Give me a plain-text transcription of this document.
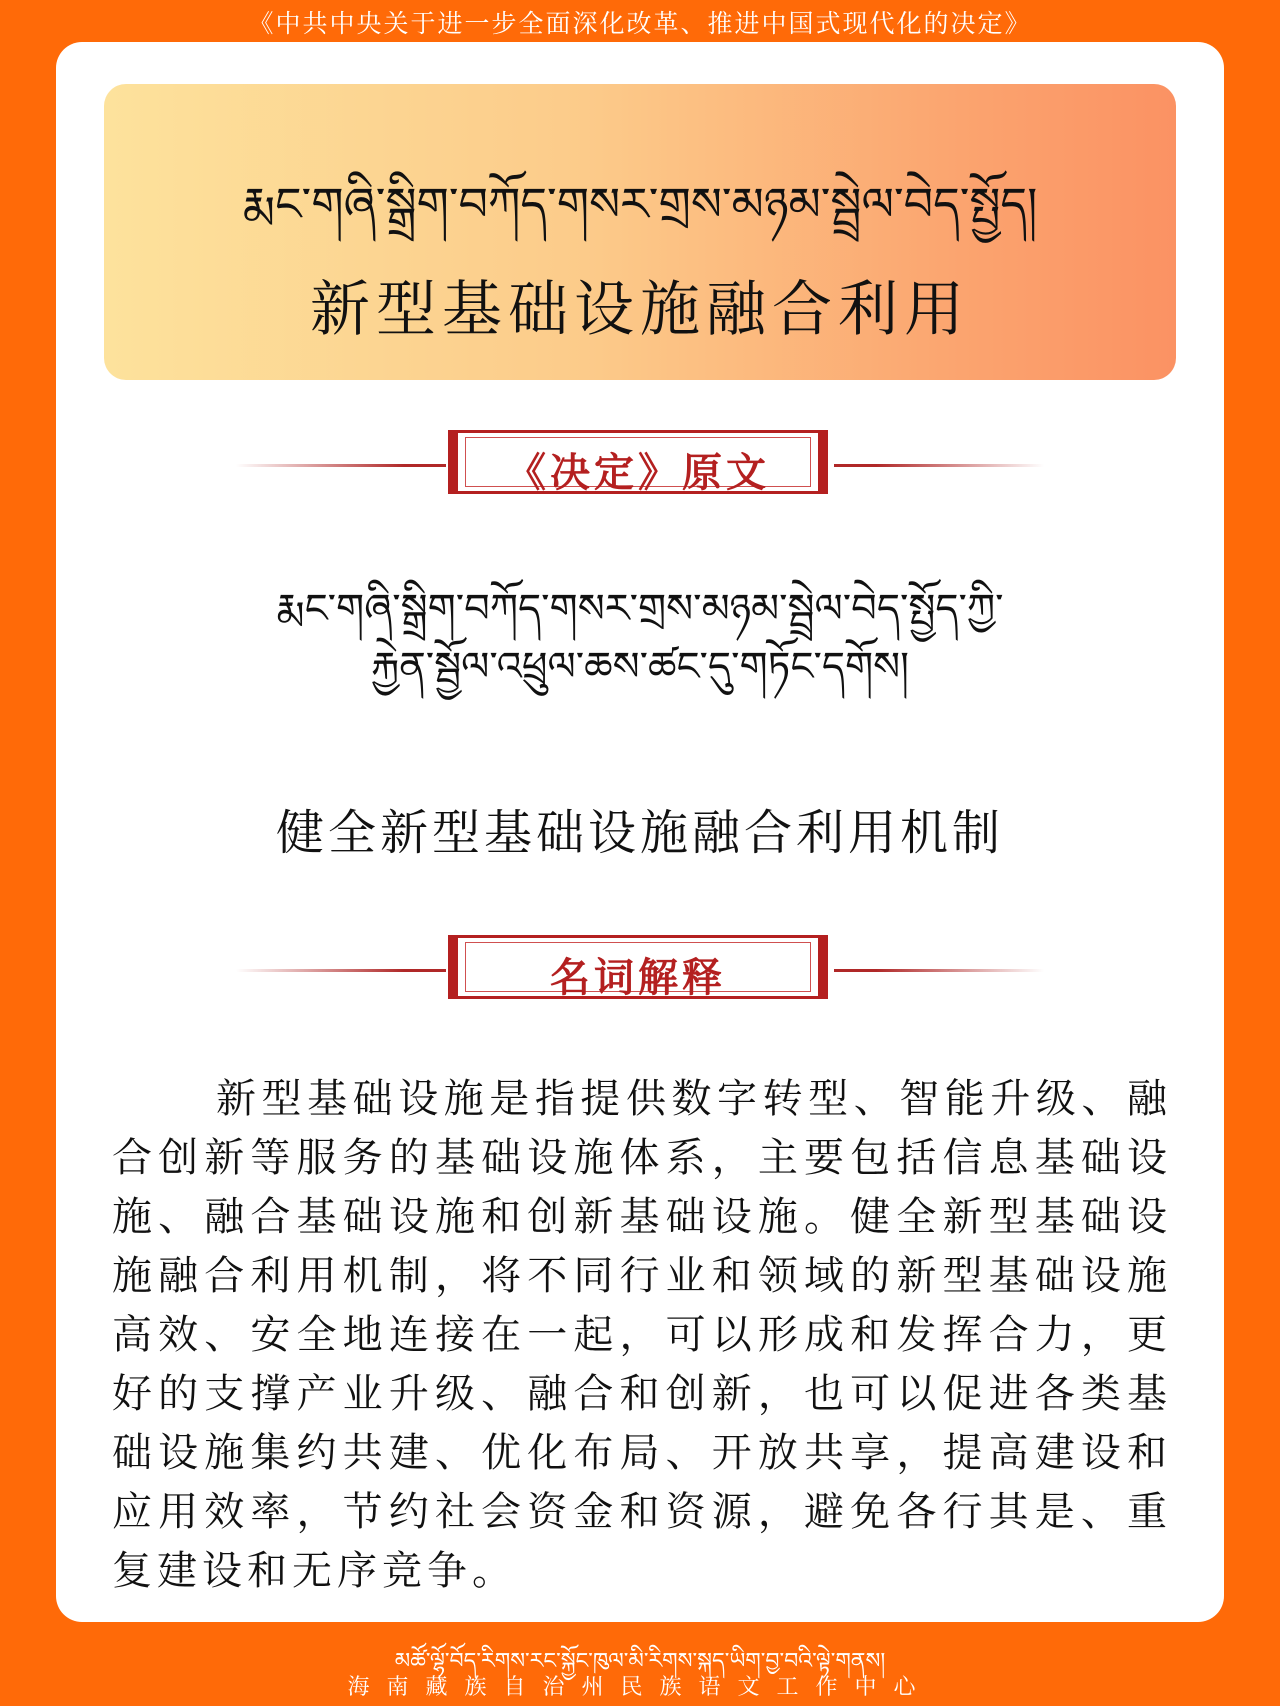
《中共中央关于进一步全面深化改革、推进中国式现代化的决定》
རྨང་གཞི་སྒྲིག་བཀོད་གསར་གྲས་མཉམ་སྦྲེལ་བེད་སྤྱོད།
新型基础设施融合利用
《决定》原文
རྨང་གཞི་སྒྲིག་བཀོད་གསར་གྲས་མཉམ་སྦྲེལ་བེད་སྤྱོད་ཀྱི་
རྐྱེན་སྦྱོལ་འཕྲུལ་ཆས་ཚང་དུ་གཏོང་དགོས།
健全新型基础设施融合利用机制
名词解释
新型基础设施是指提供数字转型、智能升级、融合创新等服务的基础设施体系，主要包括信息基础设施、融合基础设施和创新基础设施。健全新型基础设施融合利用机制，将不同行业和领域的新型基础设施高效、安全地连接在一起，可以形成和发挥合力，更好的支撑产业升级、融合和创新，也可以促进各类基础设施集约共建、优化布局、开放共享，提高建设和应用效率，节约社会资金和资源，避免各行其是、重复建设和无序竞争。
མཚོ་ལྷོ་བོད་རིགས་རང་སྐྱོང་ཁུལ་མི་རིགས་སྐད་ཡིག་བྱ་བའི་ལྟེ་གནས།
海南藏族自治州民族语文工作中心
